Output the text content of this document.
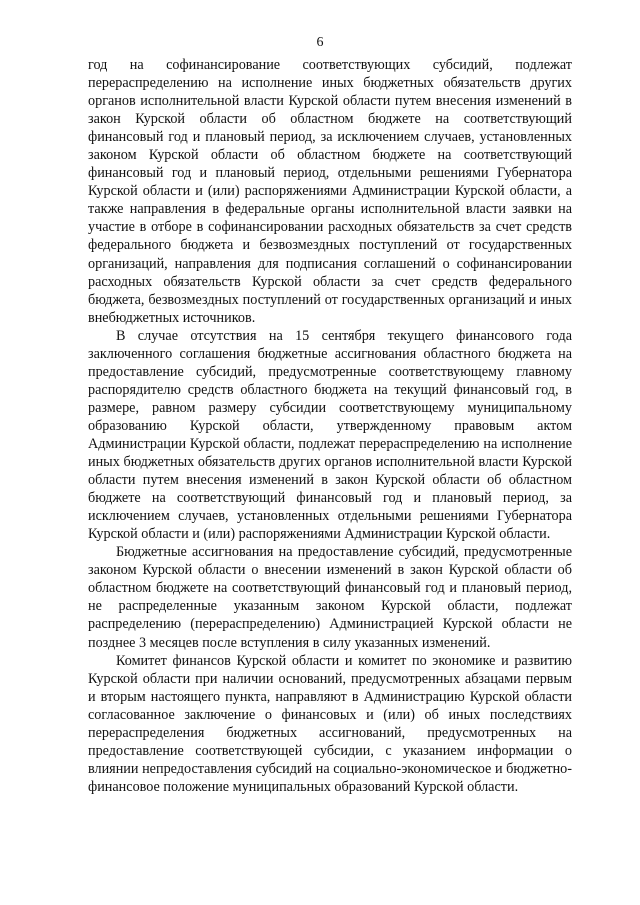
6

год на софинансирование соответствующих субсидий, подлежат перераспределению на исполнение иных бюджетных обязательств других органов исполнительной власти Курской области путем внесения изменений в закон Курской области об областном бюджете на соответствующий финансовый год и плановый период, за исключением случаев, установленных законом Курской области об областном бюджете на соответствующий финансовый год и плановый период, отдельными решениями Губернатора Курской области и (или) распоряжениями Администрации Курской области, а также направления в федеральные органы исполнительной власти заявки на участие в отборе в софинансировании расходных обязательств за счет средств федерального бюджета и безвозмездных поступлений от государственных организаций, направления для подписания соглашений о софинансировании расходных обязательств Курской области за счет средств федерального бюджета, безвозмездных поступлений от государственных организаций и иных внебюджетных источников.

В случае отсутствия на 15 сентября текущего финансового года заключенного соглашения бюджетные ассигнования областного бюджета на предоставление субсидий, предусмотренные соответствующему главному распорядителю средств областного бюджета на текущий финансовый год, в размере, равном размеру субсидии соответствующему муниципальному образованию Курской области, утвержденному правовым актом Администрации Курской области, подлежат перераспределению на исполнение иных бюджетных обязательств других органов исполнительной власти Курской области путем внесения изменений в закон Курской области об областном бюджете на соответствующий финансовый год и плановый период, за исключением случаев, установленных отдельными решениями Губернатора Курской области и (или) распоряжениями Администрации Курской области.

Бюджетные ассигнования на предоставление субсидий, предусмотренные законом Курской области о внесении изменений в закон Курской области об областном бюджете на соответствующий финансовый год и плановый период, не распределенные указанным законом Курской области, подлежат распределению (перераспределению) Администрацией Курской области не позднее 3 месяцев после вступления в силу указанных изменений.

Комитет финансов Курской области и комитет по экономике и развитию Курской области при наличии оснований, предусмотренных абзацами первым и вторым настоящего пункта, направляют в Администрацию Курской области согласованное заключение о финансовых и (или) об иных последствиях перераспределения бюджетных ассигнований, предусмотренных на предоставление соответствующей субсидии, с указанием информации о влиянии непредоставления субсидий на социально-экономическое и бюджетно-финансовое положение муниципальных образований Курской области.
